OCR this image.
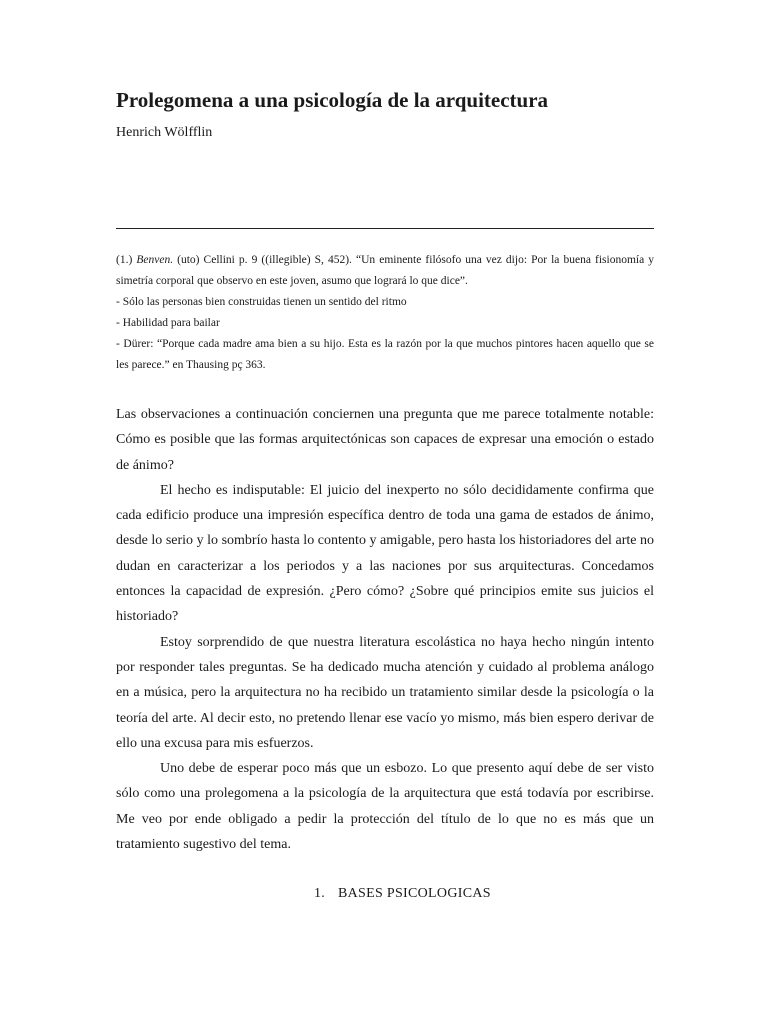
Prolegomena a una psicología de la arquitectura

Henrich Wölfflin

(1.) Benven. (uto) Cellini p. 9 ((illegible) S, 452). “Un eminente filósofo una vez dijo: Por la buena fisionomía y simetría corporal que observo en este joven, asumo que logrará lo que dice”.

- Sólo las personas bien construidas tienen un sentido del ritmo

- Habilidad para bailar

- Dürer: “Porque cada madre ama bien a su hijo. Esta es la razón por la que muchos pintores hacen aquello que se les parece.” en Thausing pç 363.

Las observaciones a continuación conciernen una pregunta que me parece totalmente notable: Cómo es posible que las formas arquitectónicas son capaces de expresar una emoción o estado de ánimo?

El hecho es indisputable: El juicio del inexperto no sólo decididamente confirma que cada edificio produce una impresión específica dentro de toda una gama de estados de ánimo, desde lo serio y lo sombrío hasta lo contento y amigable, pero hasta los historiadores del arte no dudan en caracterizar a los periodos y a las naciones por sus arquitecturas. Concedamos entonces la capacidad de expresión. ¿Pero cómo? ¿Sobre qué principios emite sus juicios el historiado?

Estoy sorprendido de que nuestra literatura escolástica no haya hecho ningún intento por responder tales preguntas. Se ha dedicado mucha atención y cuidado al problema análogo en a música, pero la arquitectura no ha recibido un tratamiento similar desde la psicología o la teoría del arte. Al decir esto, no pretendo llenar ese vacío yo mismo, más bien espero derivar de ello una excusa para mis esfuerzos.

Uno debe de esperar poco más que un esbozo. Lo que presento aquí debe de ser visto sólo como una prolegomena a la psicología de la arquitectura que está todavía por escribirse. Me veo por ende obligado a pedir la protección del título de lo que no es más que un tratamiento sugestivo del tema.

1. BASES PSICOLOGICAS
